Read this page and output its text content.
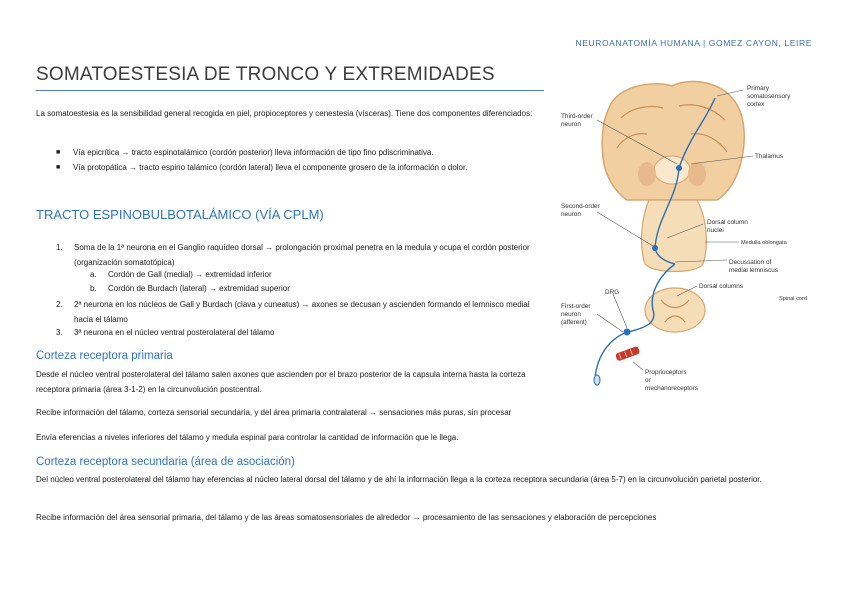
NEUROANATOMÍA HUMANA | GOMEZ CAYON, LEIRE
SOMATOESTESIA DE TRONCO Y EXTREMIDADES
La somatoestesia es la sensibilidad general recogida en piel, propioceptores y cenestesia (vísceras). Tiene dos componentes diferenciados:
■ Vía epicrítica → tracto espinotalámico (cordón posterior) lleva información de tipo fino pdiscriminativa.
■ Vía protopática → tracto espino talámico (cordón lateral) lleva el componente grosero de la información o dolor.
TRACTO ESPINOBULBOTALÁMICO (VÍA CPLM)
1. Soma de la 1ª neurona en el Ganglio raquídeo dorsal → prolongación proximal penetra en la medula y ocupa el cordón posterior (organización somatotópica)
a. Cordón de Gall (medial) → extremidad inferior
b. Cordón de Burdach (lateral) → extremidad superior
2. 2ª neurona en los núcleos de Gall y Burdach (clava y cuneatus) → axones se decusan y ascienden formando el lemnisco medial hacia el tálamo
3. 3ª neurona en el núcleo ventral posterolateral del tálamo
Corteza receptora primaria
Desde el núcleo ventral posterolateral del tálamo salen axones que ascienden por el brazo posterior de la capsula interna hasta la corteza receptora primaria (área 3-1-2) en la circunvolución postcentral.
Recibe información del tálamo, corteza sensorial secundaria, y del área primaria contralateral → sensaciones más puras, sin procesar
Envía eferencias a niveles inferiores del tálamo y medula espinal para controlar la cantidad de información que le llega.
Corteza receptora secundaria (área de asociación)
Del núcleo ventral posterolateral del tálamo hay eferencias al núcleo lateral dorsal del tálamo y de ahí la información llega a la corteza receptora secundaria (área 5-7) en la circunvolución parietal posterior.
Recibe información del área sensorial primaria, del tálamo y de las áreas somatosensoriales de alrededor → procesamiento de las sensaciones y elaboración de percepciones
Primary
somatosensory
cortex
Third-order
neuron
Thalamus
Second-order
neuron
Dorsal column
nuclei
Medulla oblongata
Decussation of
medial lemniscus
Dorsal columns
Spinal cord
DRG
First-order
neuron
(afferent)
Proprioceptors
or
mechanoreceptors
